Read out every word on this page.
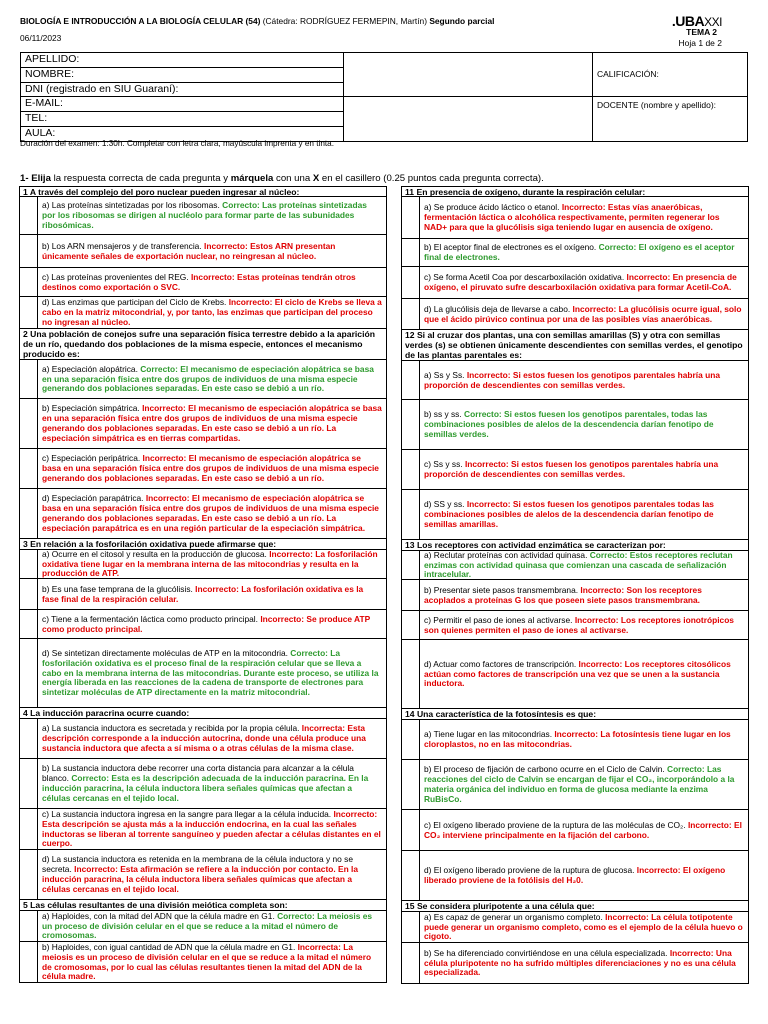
BIOLOGÍA E INTRODUCCIÓN A LA BIOLOGÍA CELULAR (54) (Cátedra: RODRÍGUEZ FERMEPIN, Martín) Segundo parcial
06/11/2023
.UBAXXI
TEMA 2
Hoja 1 de 2
APELLIDO:		CALIFICACIÓN:
NOMBRE:		
DNI (registrado en SIU Guaraní):		
E-MAIL:		DOCENTE (nombre y apellido):
TEL:		
AULA:		
Duración del examen: 1:30h. Completar con letra clara, mayúscula imprenta y en tinta.
1- Elija la respuesta correcta de cada pregunta y márquela con una X en el casillero (0.25 puntos cada pregunta correcta).
1 A través del complejo del poro nuclear pueden ingresar al núcleo:
a) Las proteínas sintetizadas por los ribosomas. Correcto: Las proteínas sintetizadas por los ribosomas se dirigen al nucléolo para formar parte de las subunidades ribosómicas.
b) Los ARN mensajeros y de transferencia. Incorrecto: Estos ARN presentan únicamente señales de exportación nuclear, no reingresan al núcleo.
c) Las proteínas provenientes del REG. Incorrecto: Estas proteínas tendrán otros destinos como exportación o SVC.
d) Las enzimas que participan del Ciclo de Krebs. Incorrecto: El ciclo de Krebs se lleva a cabo en la matriz mitocondrial, y, por tanto, las enzimas que participan del proceso no ingresan al núcleo.
2 Una población de conejos sufre una separación física terrestre debido a la aparición de un río, quedando dos poblaciones de la misma especie, entonces el mecanismo producido es:
a) Especiación alopátrica. Correcto: El mecanismo de especiación alopátrica se basa en una separación física entre dos grupos de individuos de una misma especie generando dos poblaciones separadas. En este caso se debió a un río.
b) Especiación simpátrica. Incorrecto: El mecanismo de especiación alopátrica se basa en una separación física entre dos grupos de individuos de una misma especie generando dos poblaciones separadas. En este caso se debió a un río. La especiación simpátrica es en tierras compartidas.
c) Especiación peripátrica. Incorrecto: El mecanismo de especiación alopátrica se basa en una separación física entre dos grupos de individuos de una misma especie generando dos poblaciones separadas. En este caso se debió a un río.
d) Especiación parapátrica. Incorrecto: El mecanismo de especiación alopátrica se basa en una separación física entre dos grupos de individuos de una misma especie generando dos poblaciones separadas. En este caso se debió a un río. La especiación parapátrica es en una región particular de la especiación simpátrica.
3 En relación a la fosforilación oxidativa puede afirmarse que:
a) Ocurre en el citosol y resulta en la producción de glucosa. Incorrecto: La fosforilación oxidativa tiene lugar en la membrana interna de las mitocondrias y resulta en la producción de ATP.
b) Es una fase temprana de la glucólisis. Incorrecto: La fosforilación oxidativa es la fase final de la respiración celular.
c) Tiene a la fermentación láctica como producto principal. Incorrecto: Se produce ATP como producto principal.
d) Se sintetizan directamente moléculas de ATP en la mitocondria. Correcto: La fosforilación oxidativa es el proceso final de la respiración celular que se lleva a cabo en la membrana interna de las mitocondrias. Durante este proceso, se utiliza la energía liberada en las reacciones de la cadena de transporte de electrones para sintetizar moléculas de ATP directamente en la matriz mitocondrial.
4 La inducción paracrina ocurre cuando:
a) La sustancia inductora es secretada y recibida por la propia célula. Incorrecta: Esta descripción corresponde a la inducción autocrina, donde una célula produce una sustancia inductora que afecta a sí misma o a otras células de la misma clase.
b) La sustancia inductora debe recorrer una corta distancia para alcanzar a la célula blanco. Correcto: Esta es la descripción adecuada de la inducción paracrina. En la inducción paracrina, la célula inductora libera señales químicas que afectan a células cercanas en el tejido local.
c) La sustancia inductora ingresa en la sangre para llegar a la célula inducida. Incorrecto: Esta descripción se ajusta más a la inducción endocrina, en la cual las señales inductoras se liberan al torrente sanguíneo y pueden afectar a células distantes en el cuerpo.
d) La sustancia inductora es retenida en la membrana de la célula inductora y no se secreta. Incorrecto: Esta afirmación se refiere a la inducción por contacto. En la inducción paracrina, la célula inductora libera señales químicas que afectan a células cercanas en el tejido local.
5 Las células resultantes de una división meiótica completa son:
a) Haploides, con la mitad del ADN que la célula madre en G1. Correcto: La meiosis es un proceso de división celular en el que se reduce a la mitad el número de cromosomas.
b) Haploides, con igual cantidad de ADN que la célula madre en G1. Incorrecta: La meiosis es un proceso de división celular en el que se reduce a la mitad el número de cromosomas, por lo cual las células resultantes tienen la mitad del ADN de la célula madre.
11 En presencia de oxígeno, durante la respiración celular:
a) Se produce ácido láctico o etanol. Incorrecto: Estas vías anaeróbicas, fermentación láctica o alcohólica respectivamente, permiten regenerar los NAD+ para que la glucólisis siga teniendo lugar en ausencia de oxígeno.
b) El aceptor final de electrones es el oxígeno. Correcto: El oxígeno es el aceptor final de electrones.
c) Se forma Acetil Coa por descarboxilación oxidativa. Incorrecto: En presencia de oxígeno, el piruvato sufre descarboxilación oxidativa para formar Acetil-CoA.
d) La glucólisis deja de llevarse a cabo. Incorrecto: La glucólisis ocurre igual, solo que el ácido pirúvico continua por una de las posibles vías anaeróbicas.
12 Si al cruzar dos plantas, una con semillas amarillas (S) y otra con semillas verdes (s) se obtienen únicamente descendientes con semillas verdes, el genotipo de las plantas parentales es:
a) Ss y Ss. Incorrecto: Si estos fuesen los genotipos parentales habría una proporción de descendientes con semillas verdes.
b) ss y ss. Correcto: Si estos fuesen los genotipos parentales, todas las combinaciones posibles de alelos de la descendencia darían fenotipo de semillas verdes.
c) Ss y ss. Incorrecto: Si estos fuesen los genotipos parentales habría una proporción de descendientes con semillas verdes.
d) SS y ss. Incorrecto: Si estos fuesen los genotipos parentales todas las combinaciones posibles de alelos de la descendencia darían fenotipo de semillas amarillas.
13 Los receptores con actividad enzimática se caracterizan por:
a) Reclutar proteínas con actividad quinasa. Correcto: Estos receptores reclutan enzimas con actividad quinasa que comienzan una cascada de señalización intracelular.
b) Presentar siete pasos transmembrana. Incorrecto: Son los receptores acoplados a proteínas G los que poseen siete pasos transmembrana.
c) Permitir el paso de iones al activarse. Incorrecto: Los receptores ionotrópicos son quienes permiten el paso de iones al activarse.
d) Actuar como factores de transcripción. Incorrecto: Los receptores citosólicos actúan como factores de transcripción una vez que se unen a la sustancia inductora.
14 Una característica de la fotosíntesis es que:
a) Tiene lugar en las mitocondrias. Incorrecto: La fotosíntesis tiene lugar en los cloroplastos, no en las mitocondrias.
b) El proceso de fijación de carbono ocurre en el Ciclo de Calvin. Correcto: Las reacciones del ciclo de Calvin se encargan de fijar el CO₂, incorporándolo a la materia orgánica del individuo en forma de glucosa mediante la enzima RuBisCo.
c) El oxígeno liberado proviene de la ruptura de las moléculas de CO₂. Incorrecto: El CO₂ interviene principalmente en la fijación del carbono.
d) El oxígeno liberado proviene de la ruptura de glucosa. Incorrecto: El oxígeno liberado proviene de la fotólisis del H₂0.
15 Se considera pluripotente a una célula que:
a) Es capaz de generar un organismo completo. Incorrecto: La célula totipotente puede generar un organismo completo, como es el ejemplo de la célula huevo o cigoto.
b) Se ha diferenciado convirtiéndose en una célula especializada. Incorrecto: Una célula pluripotente no ha sufrido múltiples diferenciaciones y no es una célula especializada.
